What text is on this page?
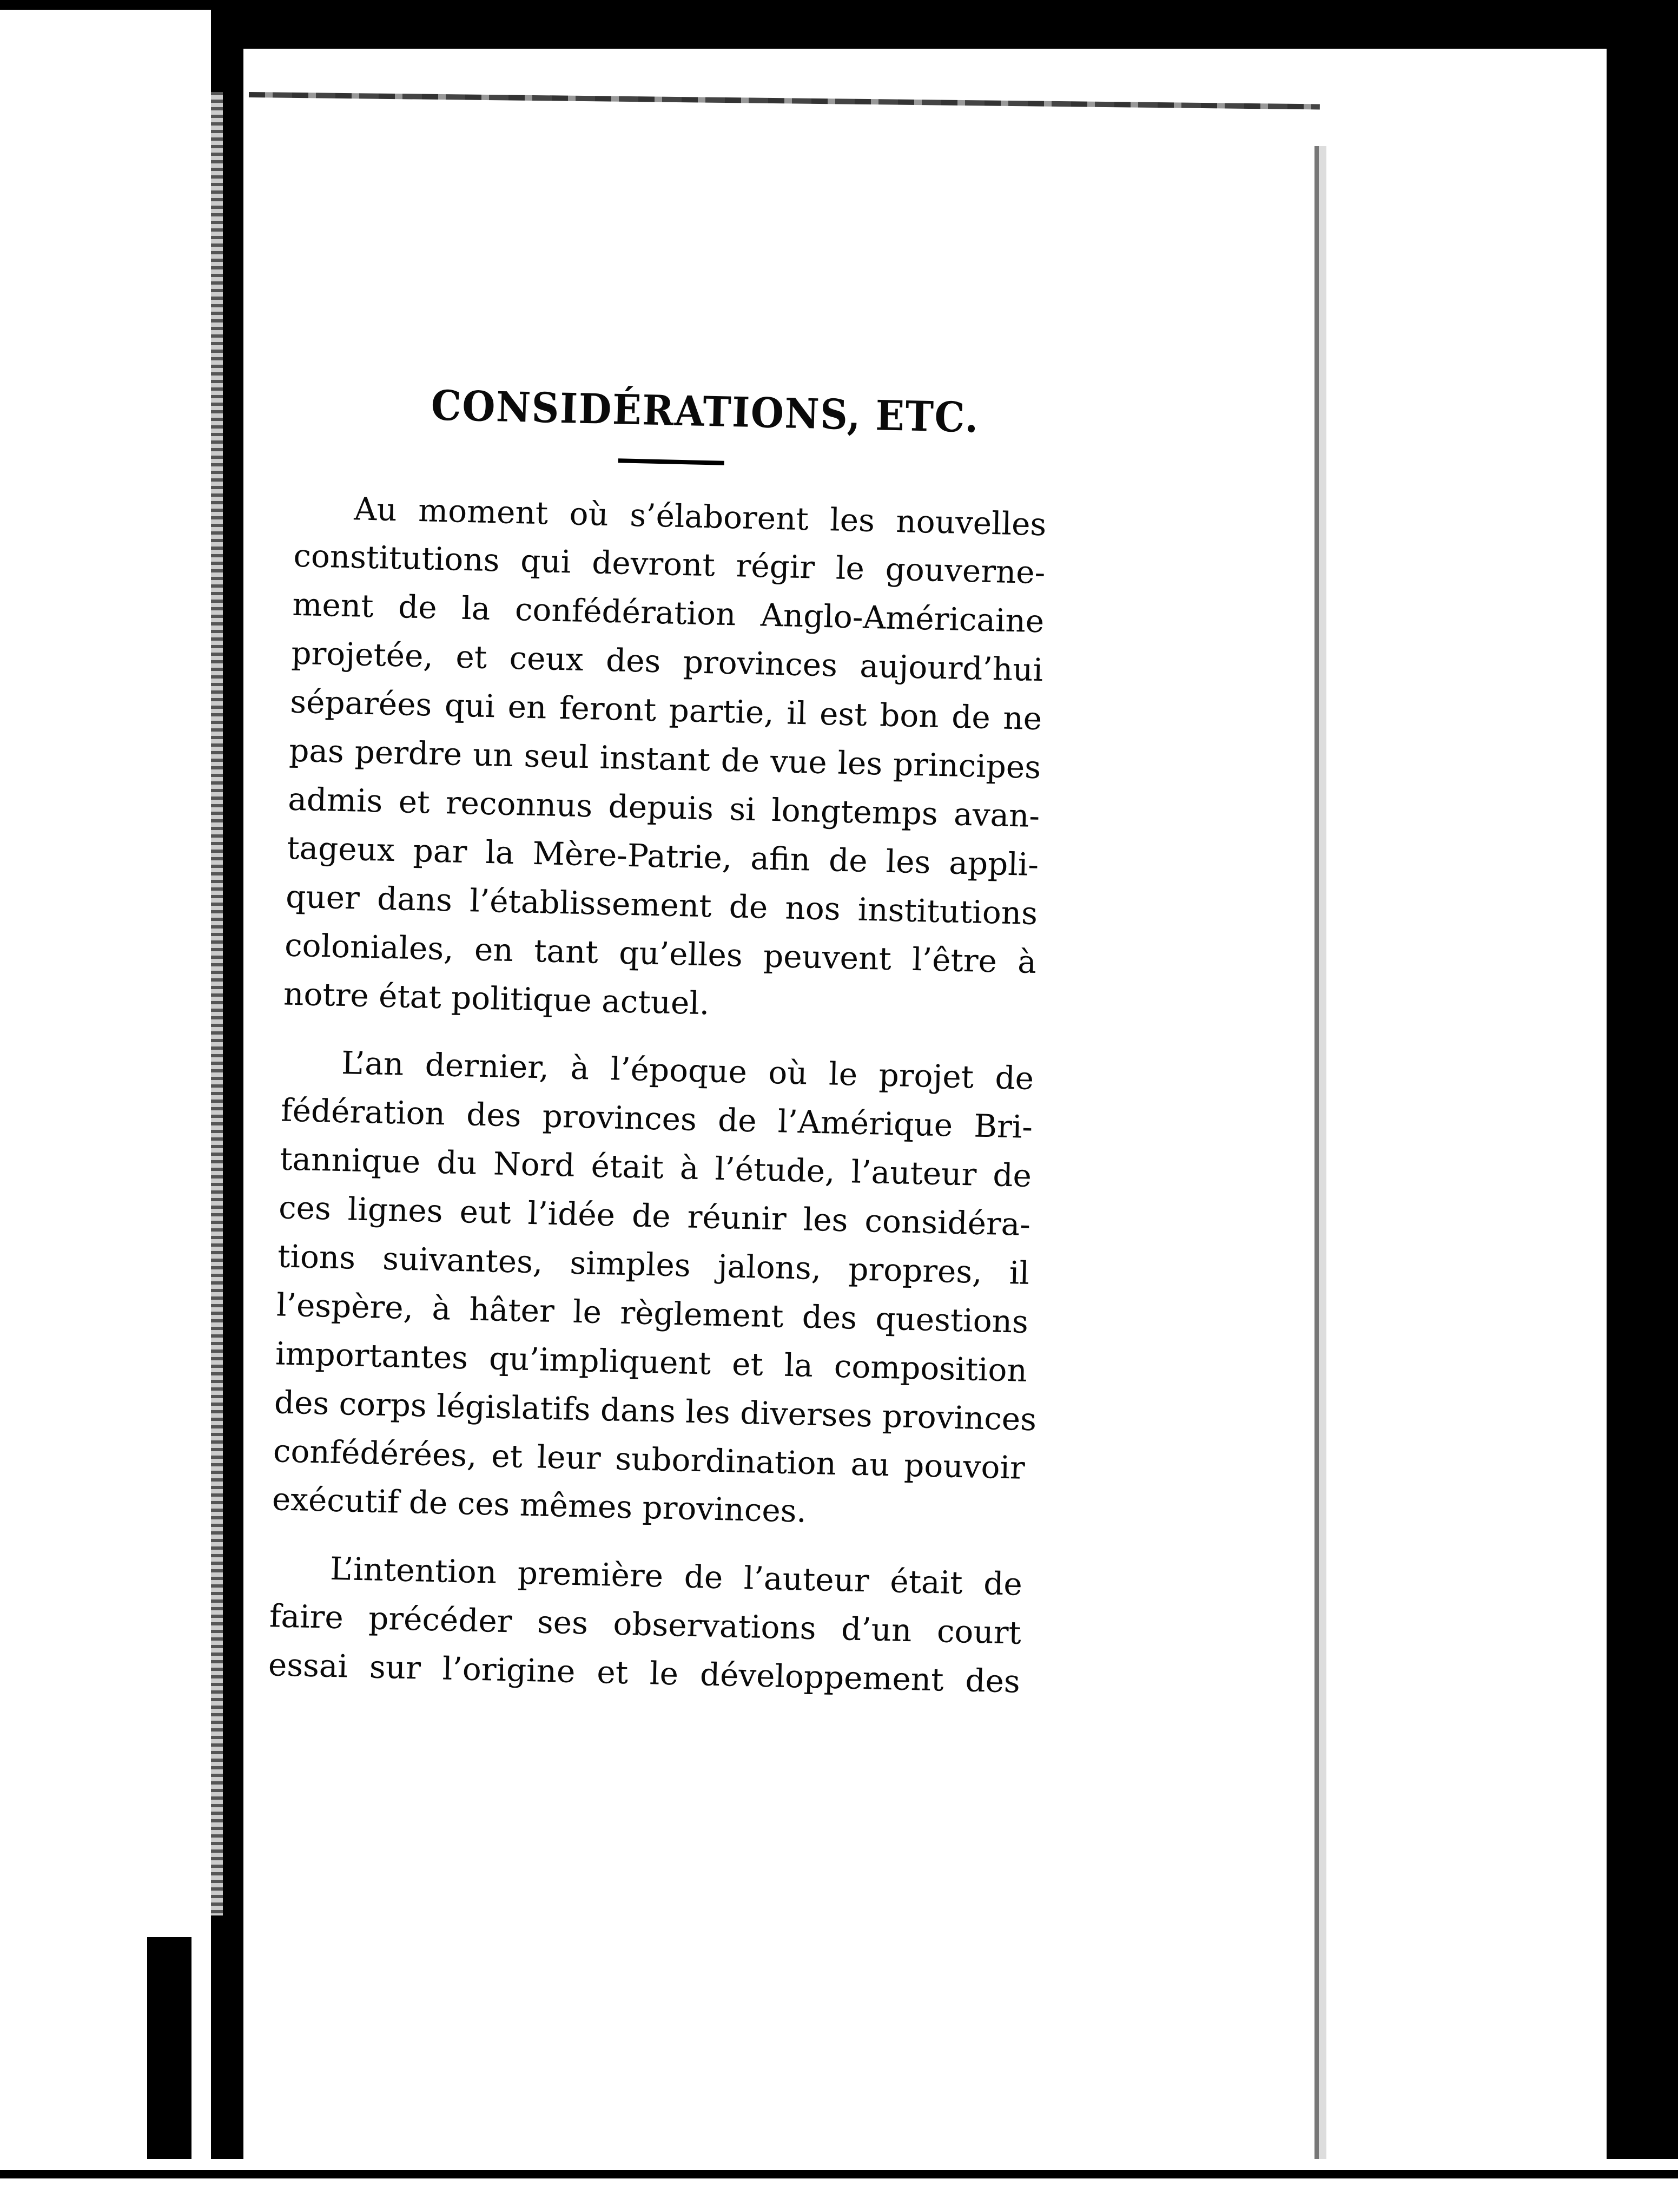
CONSIDÉRATIONS, ETC.
Au moment où s’élaborent les nouvelles
constitutions qui devront régir le gouverne-
ment de la confédération Anglo-Américaine
projetée, et ceux des provinces aujourd’hui
séparées qui en feront partie, il est bon de ne
pas perdre un seul instant de vue les principes
admis et reconnus depuis si longtemps avan-
tageux par la Mère-Patrie, afin de les appli-
quer dans l’établissement de nos institutions
coloniales, en tant qu’elles peuvent l’être à
notre état politique actuel.
L’an dernier, à l’époque où le projet de
fédération des provinces de l’Amérique Bri-
tannique du Nord était à l’étude, l’auteur de
ces lignes eut l’idée de réunir les considéra-
tions suivantes, simples jalons, propres, il
l’espère, à hâter le règlement des questions
importantes qu’impliquent et la composition
des corps législatifs dans les diverses provinces
confédérées, et leur subordination au pouvoir
exécutif de ces mêmes provinces.
L’intention première de l’auteur était de
faire précéder ses observations d’un court
essai sur l’origine et le développement des
